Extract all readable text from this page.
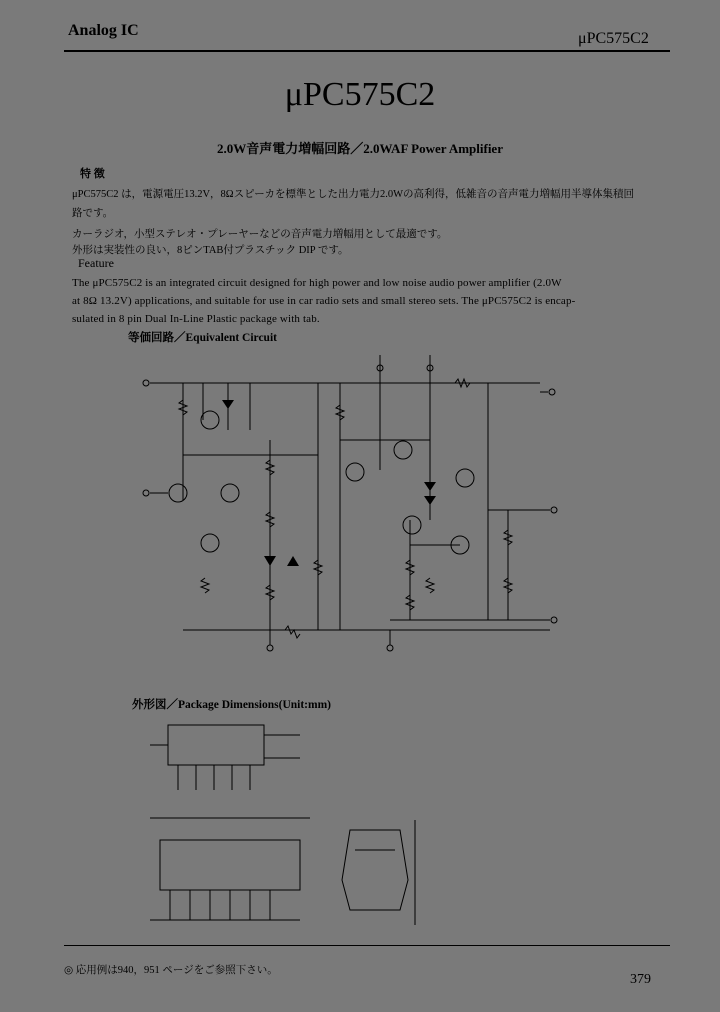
Analog IC	μPC575C2
μPC575C2
2.0W音声電力増幅回路／2.0WAF Power Amplifier
特 徴
μPC575C2 は，電源電圧13.2V，8Ωスピーカを標準とした出力電力2.0Wの高利得，低雑音の音声電力増幅用半導体集積回
路です。
カーラジオ，小型ステレオ・プレーヤーなどの音声電力増幅用として最適です。
外形は実装性の良い，8ピンTAB付プラスチック DIP です。
Feature
The μPC575C2 is an integrated circuit designed for high power and low noise audio power amplifier (2.0W
at 8Ω 13.2V) applications, and suitable for use in car radio sets and small stereo sets. The μPC575C2 is encap-
sulated in 8 pin Dual In-Line Plastic package with tab.
等価回路／Equivalent Circuit
外形図／Package Dimensions(Unit:mm)
◎ 応用例は940，951 ページをご参照下さい。
379
